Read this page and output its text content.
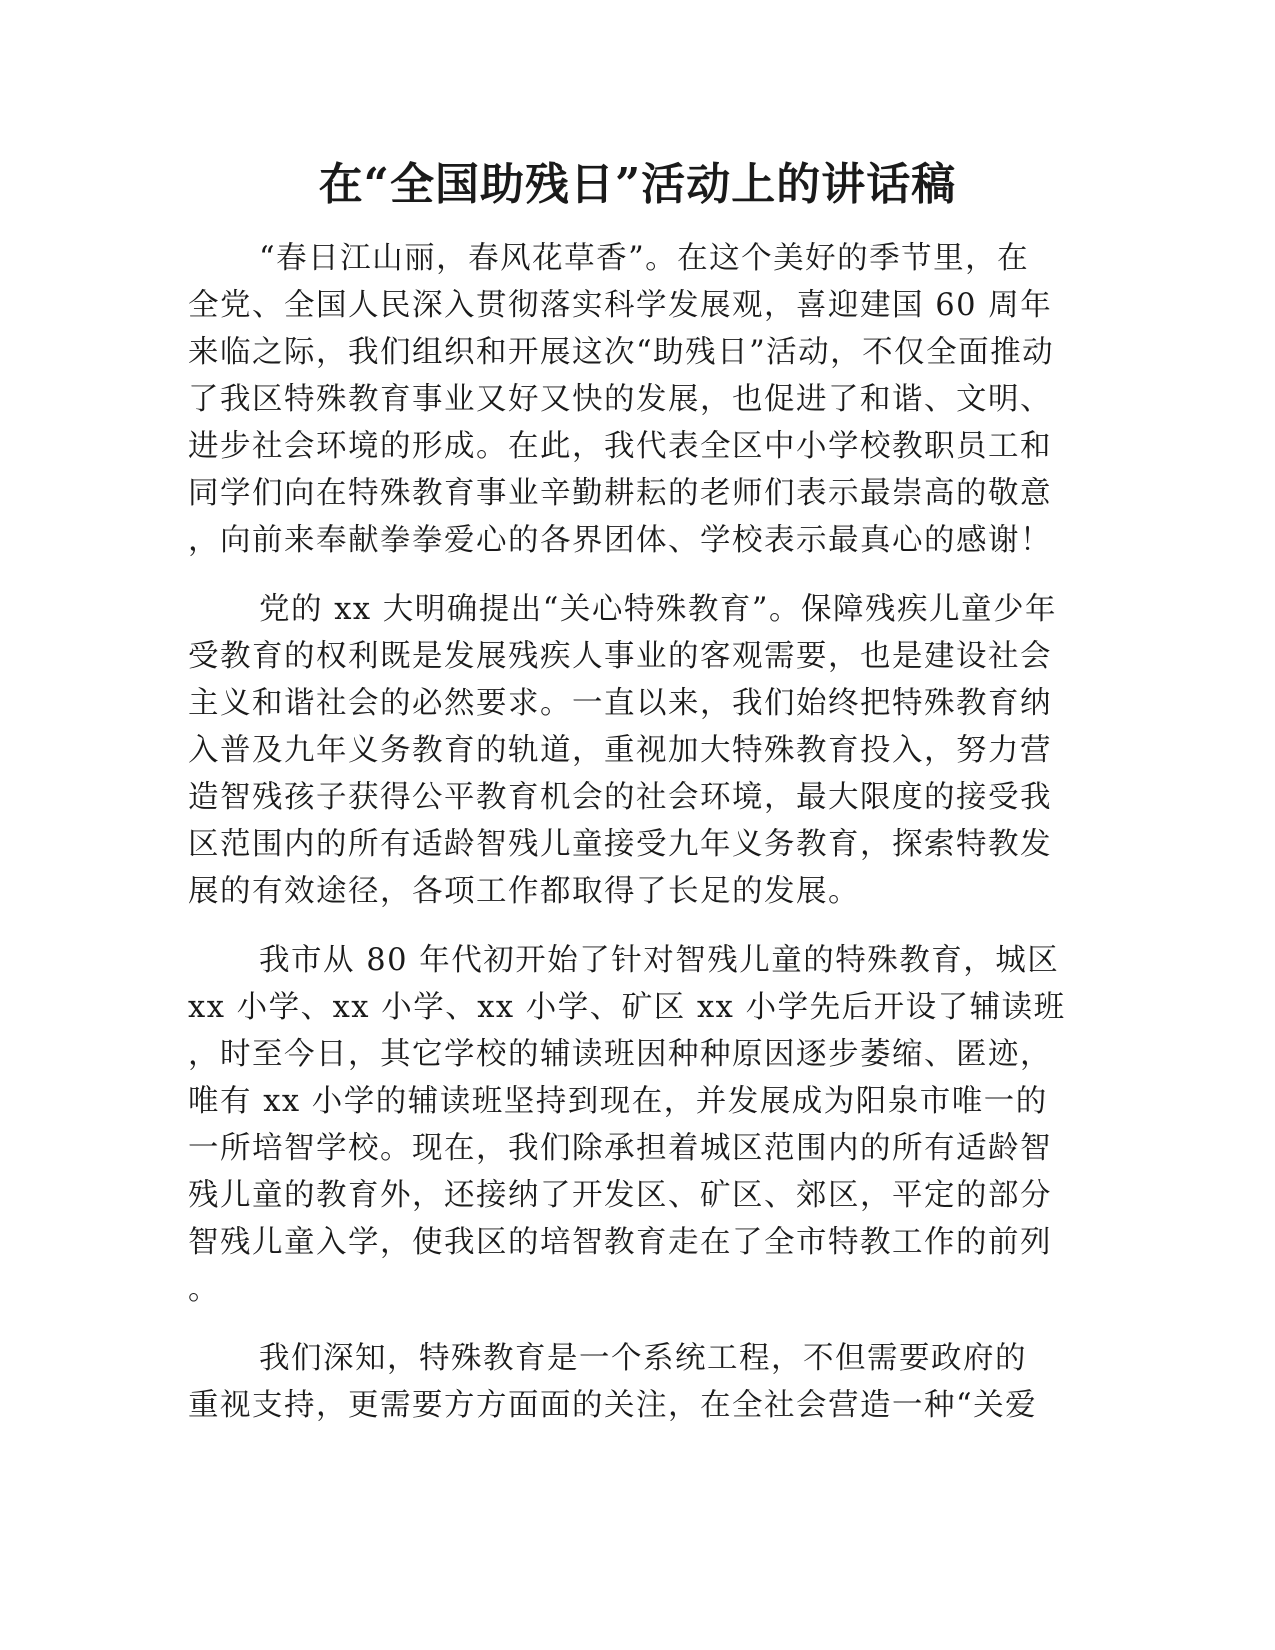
在“全国助残日”活动上的讲话稿

“春日江山丽，春风花草香”。在这个美好的季节里，在

全党、全国人民深入贯彻落实科学发展观，喜迎建国 60 周年

来临之际，我们组织和开展这次“助残日”活动，不仅全面推动

了我区特殊教育事业又好又快的发展，也促进了和谐、文明、

进步社会环境的形成。在此，我代表全区中小学校教职员工和

同学们向在特殊教育事业辛勤耕耘的老师们表示最崇高的敬意

，向前来奉献拳拳爱心的各界团体、学校表示最真心的感谢！

党的 xx 大明确提出“关心特殊教育”。保障残疾儿童少年

受教育的权利既是发展残疾人事业的客观需要，也是建设社会

主义和谐社会的必然要求。一直以来，我们始终把特殊教育纳

入普及九年义务教育的轨道，重视加大特殊教育投入，努力营

造智残孩子获得公平教育机会的社会环境，最大限度的接受我

区范围内的所有适龄智残儿童接受九年义务教育，探索特教发

展的有效途径，各项工作都取得了长足的发展。

我市从 80 年代初开始了针对智残儿童的特殊教育，城区

xx 小学、xx 小学、xx 小学、矿区 xx 小学先后开设了辅读班

，时至今日，其它学校的辅读班因种种原因逐步萎缩、匿迹，

唯有 xx 小学的辅读班坚持到现在，并发展成为阳泉市唯一的

一所培智学校。现在，我们除承担着城区范围内的所有适龄智

残儿童的教育外，还接纳了开发区、矿区、郊区，平定的部分

智残儿童入学，使我区的培智教育走在了全市特教工作的前列

。

我们深知，特殊教育是一个系统工程，不但需要政府的

重视支持，更需要方方面面的关注，在全社会营造一种“关爱
